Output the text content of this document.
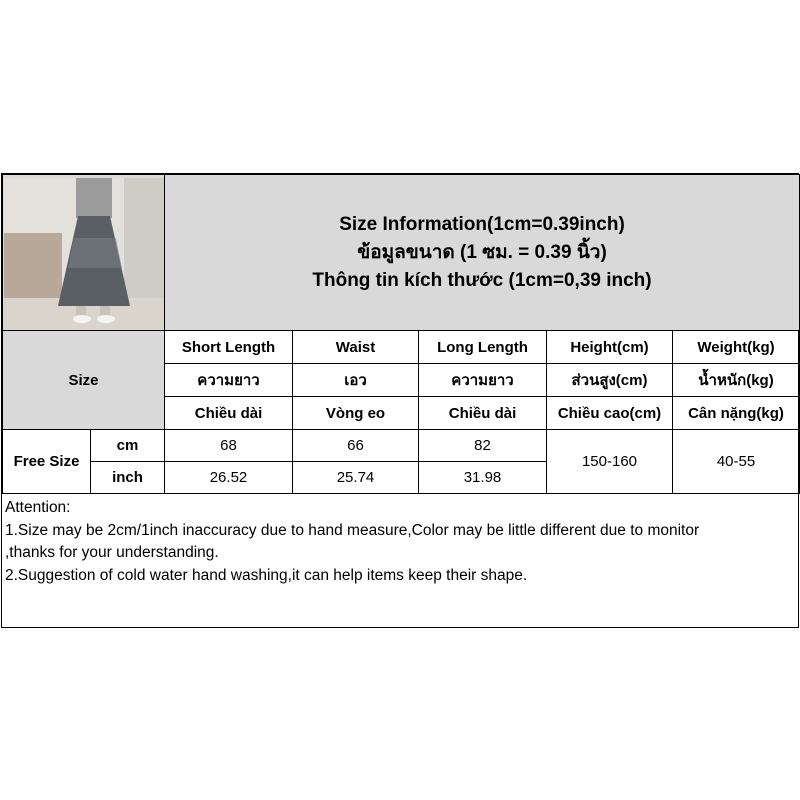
Size Information(1cm=0.39inch)
ข้อมูลขนาด (1 ซม. = 0.39 นิ้ว)
Thông tin kích thước (1cm=0,39 inch)				

Size		Short Length	Waist	Long Length	Height(cm)	Weight(kg)
		ความยาว	เอว	ความยาว	ส่วนสูง(cm)	น้ำหนัก(kg)
		Chiều dài	Vòng eo	Chiều dài	Chiều cao(cm)	Cân nặng(kg)
Free Size	cm	68	66	82	150-160	40-55
	inch	26.52	25.74	31.98		
Attention:
1.Size may be 2cm/1inch inaccuracy due to hand measure,Color may be little different due to monitor
,thanks for your understanding.
2.Suggestion of cold water hand washing,it can help items keep their shape.
